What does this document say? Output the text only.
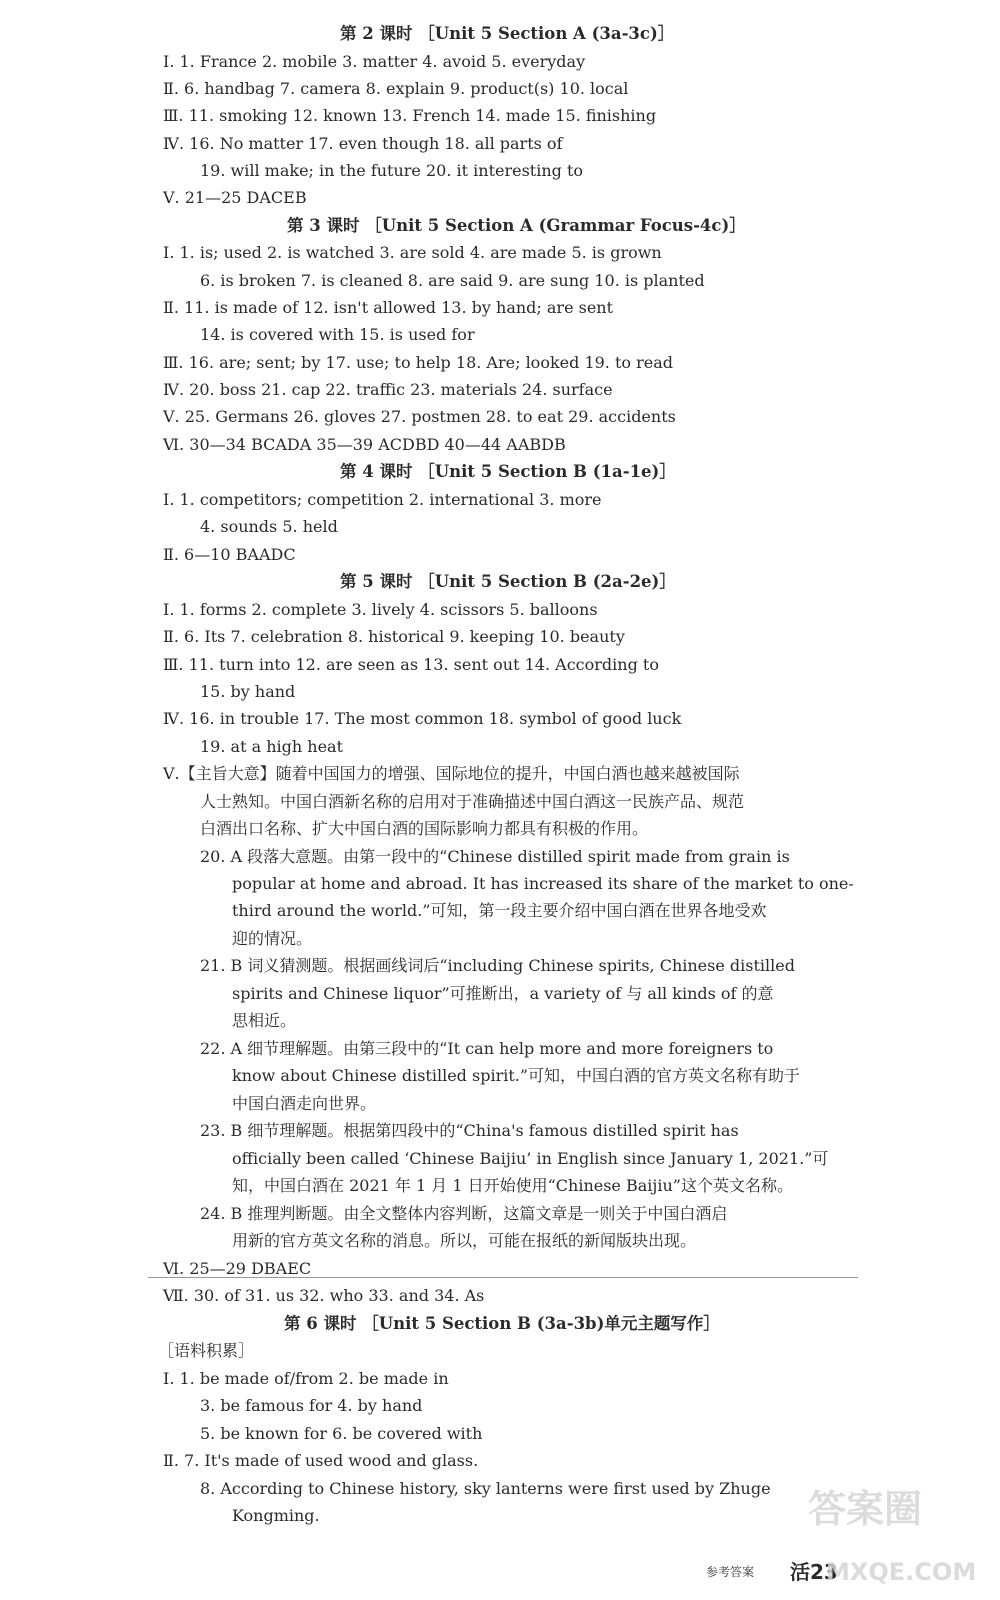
第 2 课时 ［Unit 5 Section A (3a-3c)］
Ⅰ. 1. France 2. mobile 3. matter 4. avoid 5. everyday
Ⅱ. 6. handbag 7. camera 8. explain 9. product(s) 10. local
Ⅲ. 11. smoking 12. known 13. French 14. made 15. finishing
Ⅳ. 16. No matter 17. even though 18. all parts of
19. will make; in the future 20. it interesting to
Ⅴ. 21—25 DACEB
第 3 课时 ［Unit 5 Section A (Grammar Focus-4c)］
Ⅰ. 1. is; used 2. is watched 3. are sold 4. are made 5. is grown
6. is broken 7. is cleaned 8. are said 9. are sung 10. is planted
Ⅱ. 11. is made of 12. isn't allowed 13. by hand; are sent
14. is covered with 15. is used for
Ⅲ. 16. are; sent; by 17. use; to help 18. Are; looked 19. to read
Ⅳ. 20. boss 21. cap 22. traffic 23. materials 24. surface
Ⅴ. 25. Germans 26. gloves 27. postmen 28. to eat 29. accidents
Ⅵ. 30—34 BCADA 35—39 ACDBD 40—44 AABDB
第 4 课时 ［Unit 5 Section B (1a-1e)］
Ⅰ. 1. competitors; competition 2. international 3. more
4. sounds 5. held
Ⅱ. 6—10 BAADC
第 5 课时 ［Unit 5 Section B (2a-2e)］
Ⅰ. 1. forms 2. complete 3. lively 4. scissors 5. balloons
Ⅱ. 6. Its 7. celebration 8. historical 9. keeping 10. beauty
Ⅲ. 11. turn into 12. are seen as 13. sent out 14. According to
15. by hand
Ⅳ. 16. in trouble 17. The most common 18. symbol of good luck
19. at a high heat
Ⅴ.【主旨大意】随着中国国力的增强、国际地位的提升，中国白酒也越来越被国际
人士熟知。中国白酒新名称的启用对于准确描述中国白酒这一民族产品、规范
白酒出口名称、扩大中国白酒的国际影响力都具有积极的作用。
20. A 段落大意题。由第一段中的“Chinese distilled spirit made from grain is
popular at home and abroad. It has increased its share of the market to one-
third around the world.”可知，第一段主要介绍中国白酒在世界各地受欢
迎的情况。
21. B 词义猜测题。根据画线词后“including Chinese spirits, Chinese distilled
spirits and Chinese liquor”可推断出，a variety of 与 all kinds of 的意
思相近。
22. A 细节理解题。由第三段中的“It can help more and more foreigners to
know about Chinese distilled spirit.”可知，中国白酒的官方英文名称有助于
中国白酒走向世界。
23. B 细节理解题。根据第四段中的“China's famous distilled spirit has
officially been called ‘Chinese Baijiu’ in English since January 1, 2021.”可
知，中国白酒在 2021 年 1 月 1 日开始使用“Chinese Baijiu”这个英文名称。
24. B 推理判断题。由全文整体内容判断，这篇文章是一则关于中国白酒启
用新的官方英文名称的消息。所以，可能在报纸的新闻版块出现。
Ⅵ. 25—29 DBAEC
Ⅶ. 30. of 31. us 32. who 33. and 34. As
第 6 课时 ［Unit 5 Section B (3a-3b)单元主题写作］
［语料积累］
Ⅰ. 1. be made of/from 2. be made in
3. be famous for 4. by hand
5. be known for 6. be covered with
Ⅱ. 7. It's made of used wood and glass.
8. According to Chinese history, sky lanterns were first used by Zhuge
Kongming.
参考答案 活23
答案圈
MXQE.COM
